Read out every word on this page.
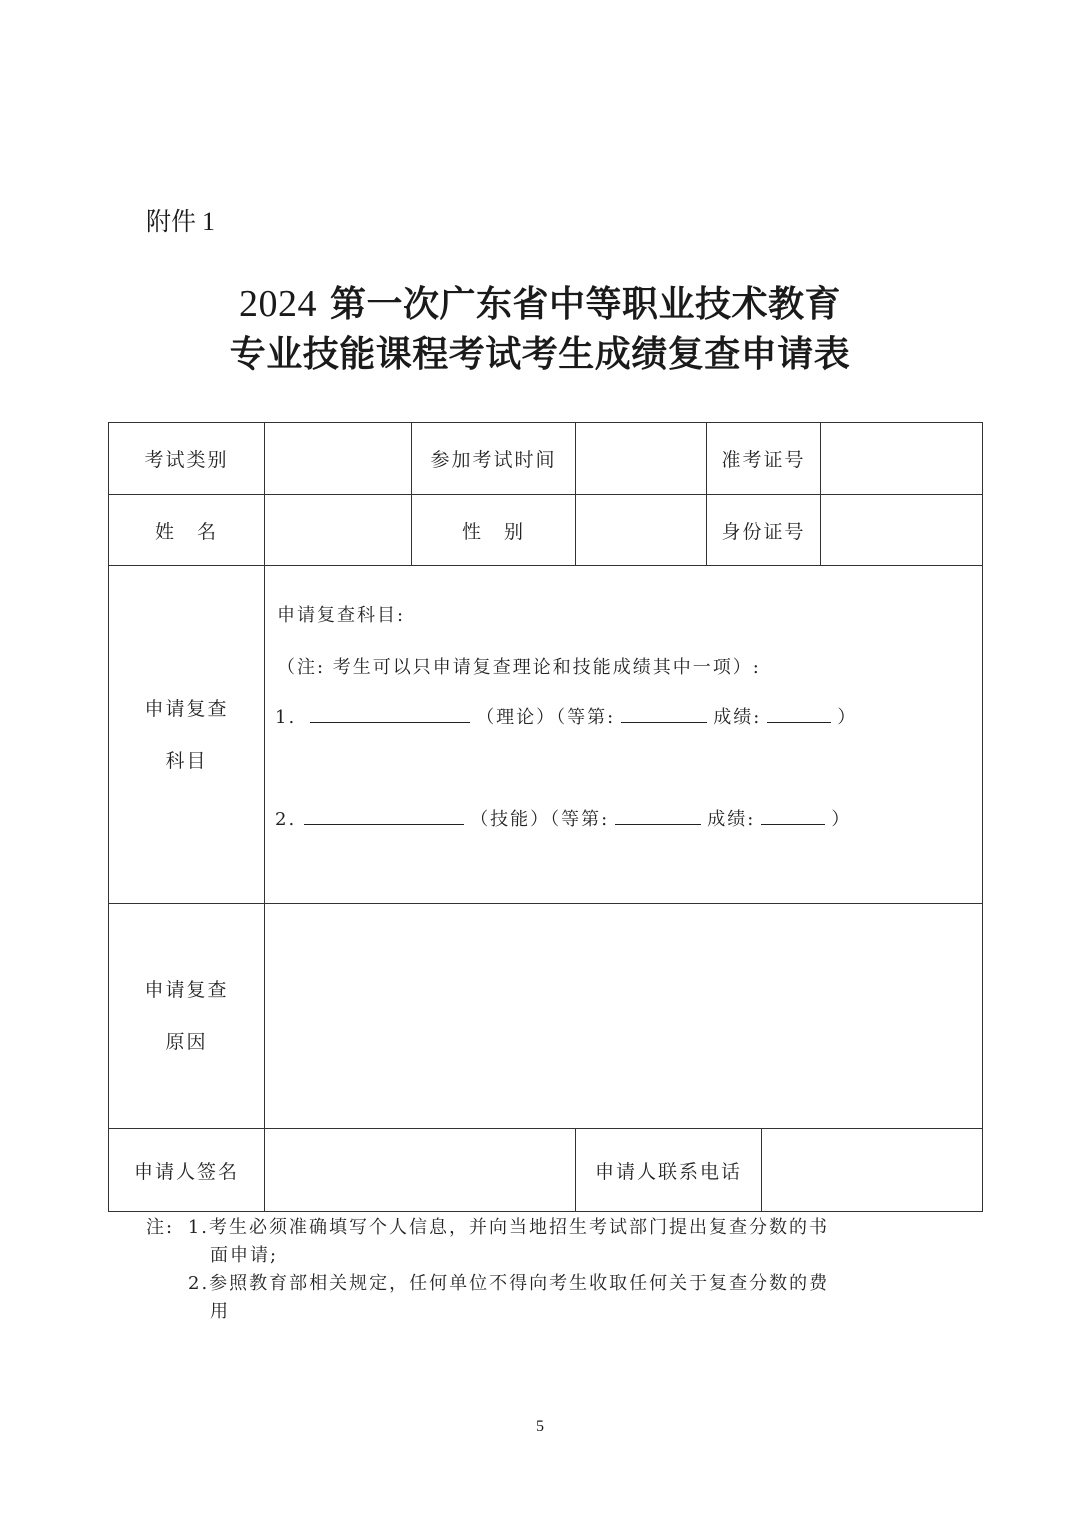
附件 1
2024 第一次广东省中等职业技术教育
专业技能课程考试考生成绩复查申请表
考试类别	参加考试时间	准考证号
姓　名	性　别	身份证号
申请复查
科目
申请复查科目:
（注: 考生可以只申请复查理论和技能成绩其中一项）:
1.	（理论）（等第:	成绩:	）
2.	（技能）（等第:	成绩:	）
申请复查
原因
申请人签名	申请人联系电话
注: 1.考生必须准确填写个人信息，并向当地招生考试部门提出复查分数的书
面申请;
2.参照教育部相关规定，任何单位不得向考生收取任何关于复查分数的费
用
5
